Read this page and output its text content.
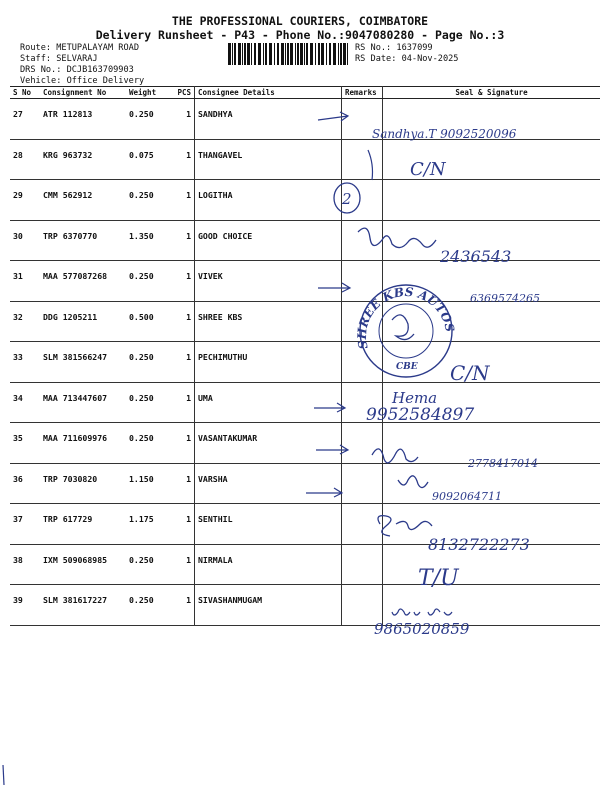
THE PROFESSIONAL COURIERS, COIMBATORE
Delivery Runsheet - P43 - Phone No.:9047080280 - Page No.:3
Route: METUPALAYAM ROAD
Staff: SELVARAJ
DRS No.: DCJB163709903
Vehicle: Office Delivery
RS No.: 1637099
RS Date: 04-Nov-2025
S No	Consignment No	Weight	PCS	Consignee Details	Remarks	Seal & Signature
27	ATR 112813	0.250	1	SANDHYA		
28	KRG 963732	0.075	1	THANGAVEL		
29	CMM 562912	0.250	1	LOGITHA		
30	TRP 6370770	1.350	1	GOOD CHOICE		
31	MAA 577087268	0.250	1	VIVEK		
32	DDG 1205211	0.500	1	SHREE KBS		
33	SLM 381566247	0.250	1	PECHIMUTHU		
34	MAA 713447607	0.250	1	UMA		
35	MAA 711609976	0.250	1	VASANTAKUMAR		
36	TRP 7030820	1.150	1	VARSHA		
37	TRP 617729	1.175	1	SENTHIL		
38	IXM 509068985	0.250	1	NIRMALA		
39	SLM 381617227	0.250	1	SIVASHANMUGAM		
2
Sandhya.T 9092520096
C/N
2436543
6369574265
SHREE KBS AUTOS
CBE C/N
Hema
9952584897
2778417014
9092064711
8132722273
T/U
9865020859
